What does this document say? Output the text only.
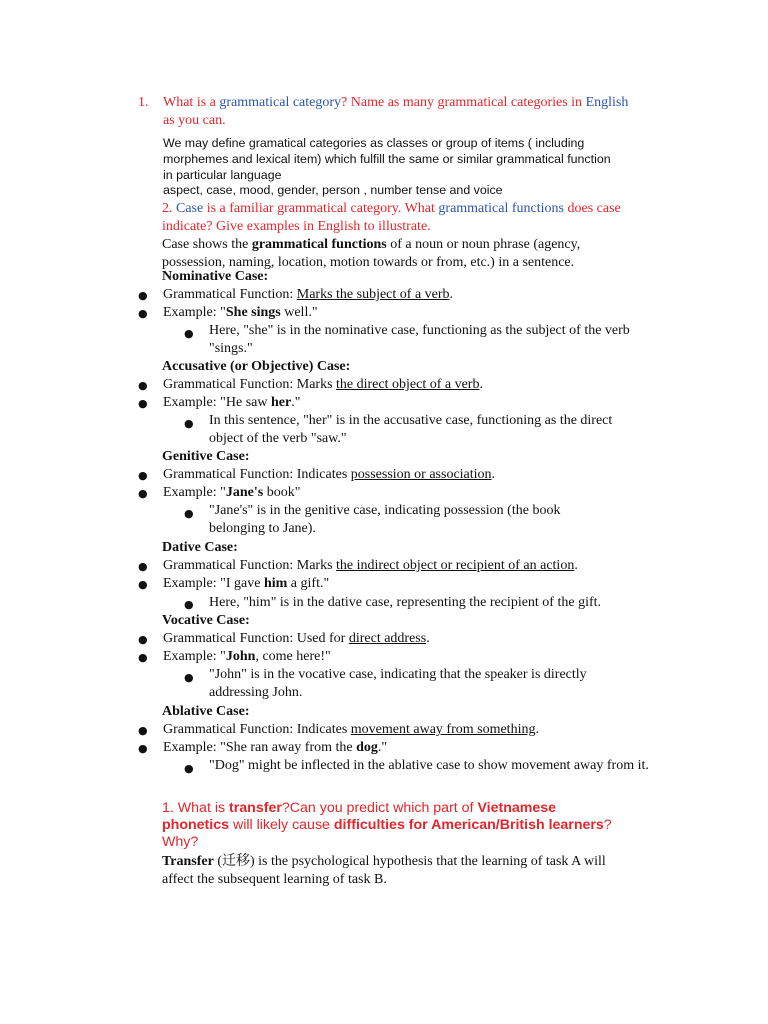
1. What is a grammatical category? Name as many grammatical categories in English as you can.
We may define gramatical categories as classes or group of items ( including
morphemes and lexical item) which fulfill the same or similar grammatical function
in particular language
aspect, case, mood, gender, person , number tense and voice
2. Case is a familiar grammatical category. What grammatical functions does case indicate? Give examples in English to illustrate.
Case shows the grammatical functions of a noun or noun phrase (agency, possession, naming, location, motion towards or from, etc.) in a sentence.
Nominative Case:
● Grammatical Function: Marks the subject of a verb.
● Example: "She sings well."
● Here, "she" is in the nominative case, functioning as the subject of the verb "sings."
Accusative (or Objective) Case:
● Grammatical Function: Marks the direct object of a verb.
● Example: "He saw her."
● In this sentence, "her" is in the accusative case, functioning as the direct object of the verb "saw."
Genitive Case:
● Grammatical Function: Indicates possession or association.
● Example: "Jane's book"
● "Jane's" is in the genitive case, indicating possession (the book belonging to Jane).
Dative Case:
● Grammatical Function: Marks the indirect object or recipient of an action.
● Example: "I gave him a gift."
● Here, "him" is in the dative case, representing the recipient of the gift.
Vocative Case:
● Grammatical Function: Used for direct address.
● Example: "John, come here!"
● "John" is in the vocative case, indicating that the speaker is directly addressing John.
Ablative Case:
● Grammatical Function: Indicates movement away from something.
● Example: "She ran away from the dog."
● "Dog" might be inflected in the ablative case to show movement away from it.
1. What is transfer?Can you predict which part of Vietnamese phonetics will likely cause difficulties for American/British learners? Why?
Transfer (迁移) is the psychological hypothesis that the learning of task A will
affect the subsequent learning of task B.
